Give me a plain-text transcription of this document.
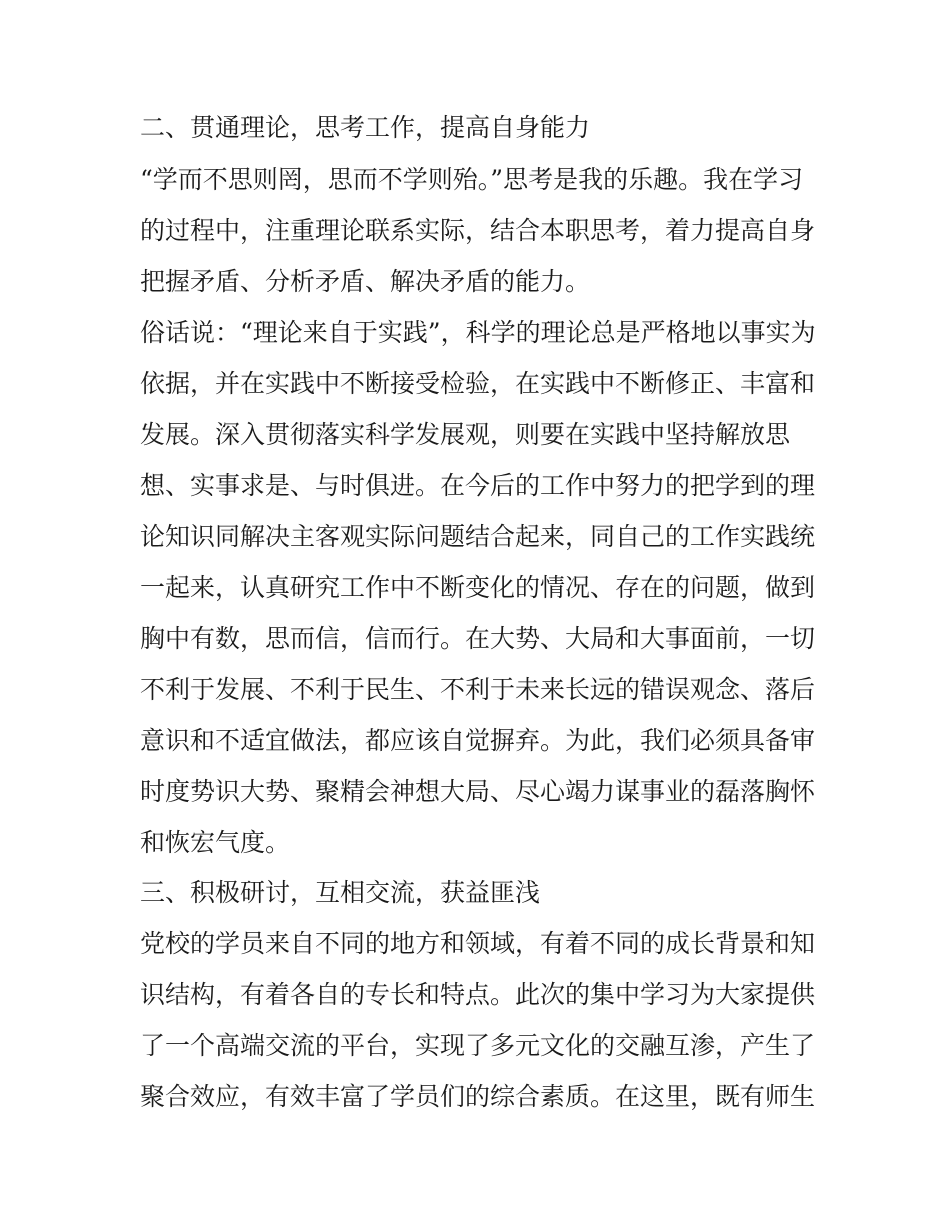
二、贯通理论，思考工作，提高自身能力
“学而不思则罔，思而不学则殆。”思考是我的乐趣。我在学习
的过程中，注重理论联系实际，结合本职思考，着力提高自身
把握矛盾、分析矛盾、解决矛盾的能力。
俗话说：“理论来自于实践”，科学的理论总是严格地以事实为
依据，并在实践中不断接受检验，在实践中不断修正、丰富和
发展。深入贯彻落实科学发展观，则要在实践中坚持解放思
想、实事求是、与时俱进。在今后的工作中努力的把学到的理
论知识同解决主客观实际问题结合起来，同自己的工作实践统
一起来，认真研究工作中不断变化的情况、存在的问题，做到
胸中有数，思而信，信而行。在大势、大局和大事面前，一切
不利于发展、不利于民生、不利于未来长远的错误观念、落后
意识和不适宜做法，都应该自觉摒弃。为此，我们必须具备审
时度势识大势、聚精会神想大局、尽心竭力谋事业的磊落胸怀
和恢宏气度。
三、积极研讨，互相交流，获益匪浅
党校的学员来自不同的地方和领域，有着不同的成长背景和知
识结构，有着各自的专长和特点。此次的集中学习为大家提供
了一个高端交流的平台，实现了多元文化的交融互渗，产生了
聚合效应，有效丰富了学员们的综合素质。在这里，既有师生
